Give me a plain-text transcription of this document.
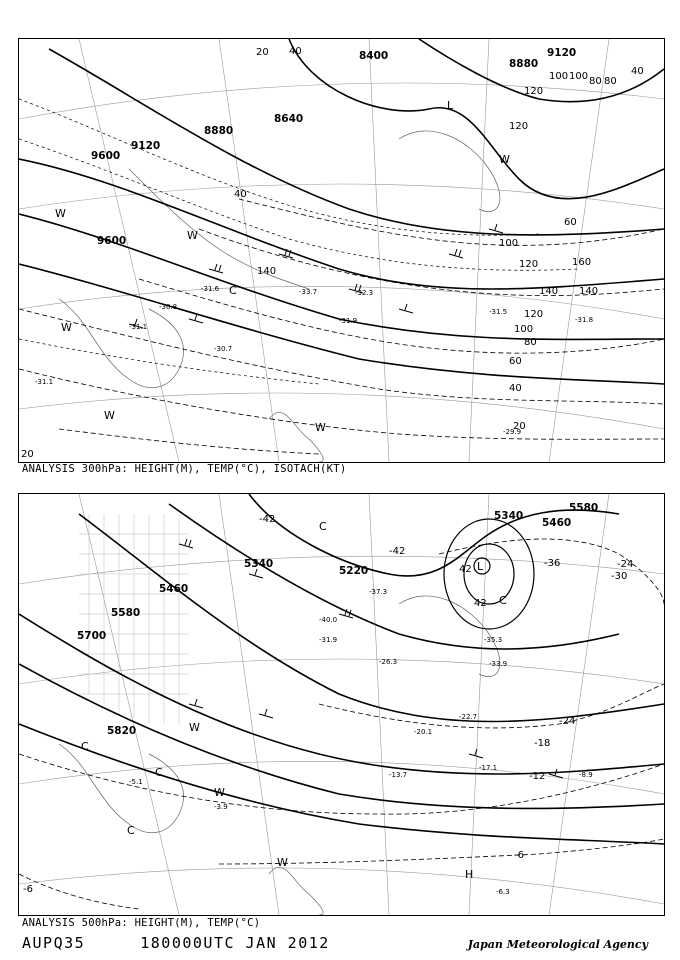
9120
9600
8880
8640
8400
8880
9120
9600
20 40
60
80
100
120
140
160
140
120
100
80
60
40
20
40
100
120
140
20
40
80
100
120
-31.1
-30.7
-31.6
-31.9
-32.3
-29.9
-31.5
-31.8
-33.7
-30.8
-31.1
W
W
W
W
C
W
W
L
ANALYSIS 300hPa: HEIGHT(M), TEMP(°C), ISOTACH(KT)
5700
5580
5460
5340
5220
5820
5340
5460
5580
-42
-42
-36
-30
-24
-24
-18
-12
-6
42
42
-6
-5.1
-6.3
-3.9
-13.7
-17.1
-8.9
-20.1
-22.7
-33.9
-35.3
-26.3
-31.9
-40.0
-37.3
C
W
W
W
C
C
C
H
L
C
ANALYSIS 500hPa: HEIGHT(M), TEMP(°C)
AUPQ35	180000UTC JAN 2012	Japan Meteorological Agency
